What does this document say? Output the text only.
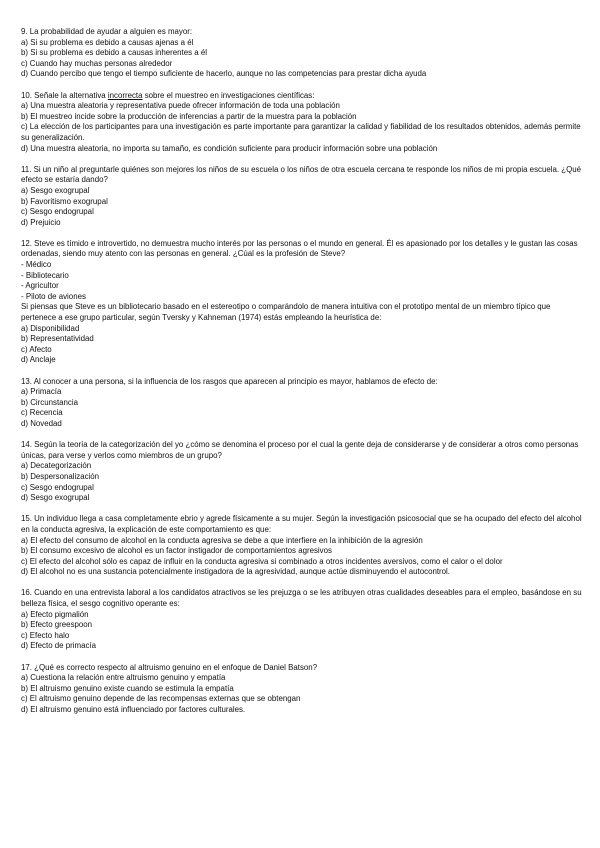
9. La probabilidad de ayudar a alguien es mayor:

a) Si su problema es debido a causas ajenas a él

b) Si su problema es debido a causas inherentes a él

c) Cuando hay muchas personas alrededor

d) Cuando percibo que tengo el tiempo suficiente de hacerlo, aunque no las competencias para prestar dicha ayuda

10. Señale la alternativa incorrecta sobre el muestreo en investigaciones científicas:

a) Una muestra aleatoria y representativa puede ofrecer información de toda una población

b) El muestreo incide sobre la producción de inferencias a partir de la muestra para la población

c) La elección de los participantes para una investigación es parte importante para garantizar la calidad y fiabilidad de los resultados obtenidos, además permite su generalización.

d) Una muestra aleatoria, no importa su tamaño, es condición suficiente para producir información sobre una población

11. Si un niño al preguntarle quiénes son mejores los niños de su escuela o los niños de otra escuela cercana te responde los niños de mi propia escuela. ¿Qué efecto se estaría dando?

a) Sesgo exogrupal

b) Favoritismo exogrupal

c) Sesgo endogrupal

d) Prejuicio

12. Steve es tímido e introvertido, no demuestra mucho interés por las personas o el mundo en general. Él es apasionado por los detalles y le gustan las cosas ordenadas, siendo muy atento con las personas en general. ¿Cúal es la profesión de Steve?

- Médico

- Bibliotecario

- Agricultor

- Piloto de aviones

Si piensas que Steve es un bibliotecario basado en el estereotipo o comparándolo de manera intuitiva con el prototipo mental de un miembro típico que pertenece a ese grupo particular, según Tversky y Kahneman (1974) estás empleando la heurística de:

a) Disponibilidad

b) Representatividad

c) Afecto

d) Anclaje

13. Al conocer a una persona, si la influencia de los rasgos que aparecen al principio es mayor, hablamos de efecto de:

a) Primacía

b) Circunstancia

c) Recencia

d) Novedad

14. Según la teoría de la categorización del yo ¿cómo se denomina el proceso por el cual la gente deja de considerarse y de considerar a otros como personas únicas, para verse y verlos como miembros de un grupo?

a) Decategorización

b) Despersonalización

c) Sesgo endogrupal

d) Sesgo exogrupal

15. Un individuo llega a casa completamente ebrio y agrede físicamente a su mujer. Según la investigación psicosocial que se ha ocupado del efecto del alcohol en la conducta agresiva, la explicación de este comportamiento es que:

a) El efecto del consumo de alcohol en la conducta agresiva se debe a que interfiere en la inhibición de la agresión

b) El consumo excesivo de alcohol es un factor instigador de comportamientos agresivos

c) El efecto del alcohol sólo es capaz de influir en la conducta agresiva si combinado a otros incidentes aversivos, como el calor o el dolor

d) El alcohol no es una sustancia potencialmente instigadora de la agresividad, aunque actúe disminuyendo el autocontrol.

16. Cuando en una entrevista laboral a los candidatos atractivos se les prejuzga o se les atribuyen otras cualidades deseables para el empleo, basándose en su belleza física, el sesgo cognitivo operante es:

a) Efecto pigmalión

b) Efecto greespoon

c) Efecto halo

d) Efecto de primacía

17. ¿Qué es correcto respecto al altruismo genuino en el enfoque de Daniel Batson?

a) Cuestiona la relación entre altruismo genuino y empatía

b) El altruismo genuino existe cuando se estimula la empatía

c) El altruismo genuino depende de las recompensas externas que se obtengan

d) El altruismo genuino está influenciado por factores culturales.
